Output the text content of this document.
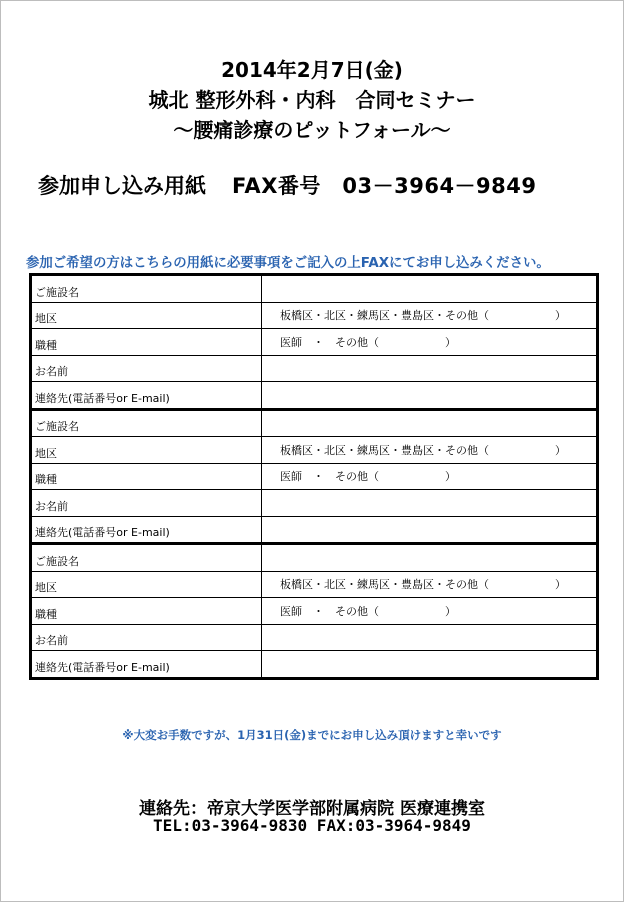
2014年2月7日(金)
城北 整形外科・内科　合同セミナー
～腰痛診療のピットフォール～
参加申し込み用紙 FAX番号　03－3964－9849
参加ご希望の方はこちらの用紙に必要事項をご記入の上FAXにてお申し込みください。
ご施設名
地区	板橋区・北区・練馬区・豊島区・その他（　　　　　　）
職種	医師　・　その他（　　　　　　）
お名前
連絡先(電話番号or E-mail)
ご施設名
地区	板橋区・北区・練馬区・豊島区・その他（　　　　　　）
職種	医師　・　その他（　　　　　　）
お名前
連絡先(電話番号or E-mail)
ご施設名
地区	板橋区・北区・練馬区・豊島区・その他（　　　　　　）
職種	医師　・　その他（　　　　　　）
お名前
連絡先(電話番号or E-mail)
※大変お手数ですが、1月31日(金)までにお申し込み頂けますと幸いです
連絡先：帝京大学医学部附属病院 医療連携室
TEL:03-3964-9830 FAX:03-3964-9849
